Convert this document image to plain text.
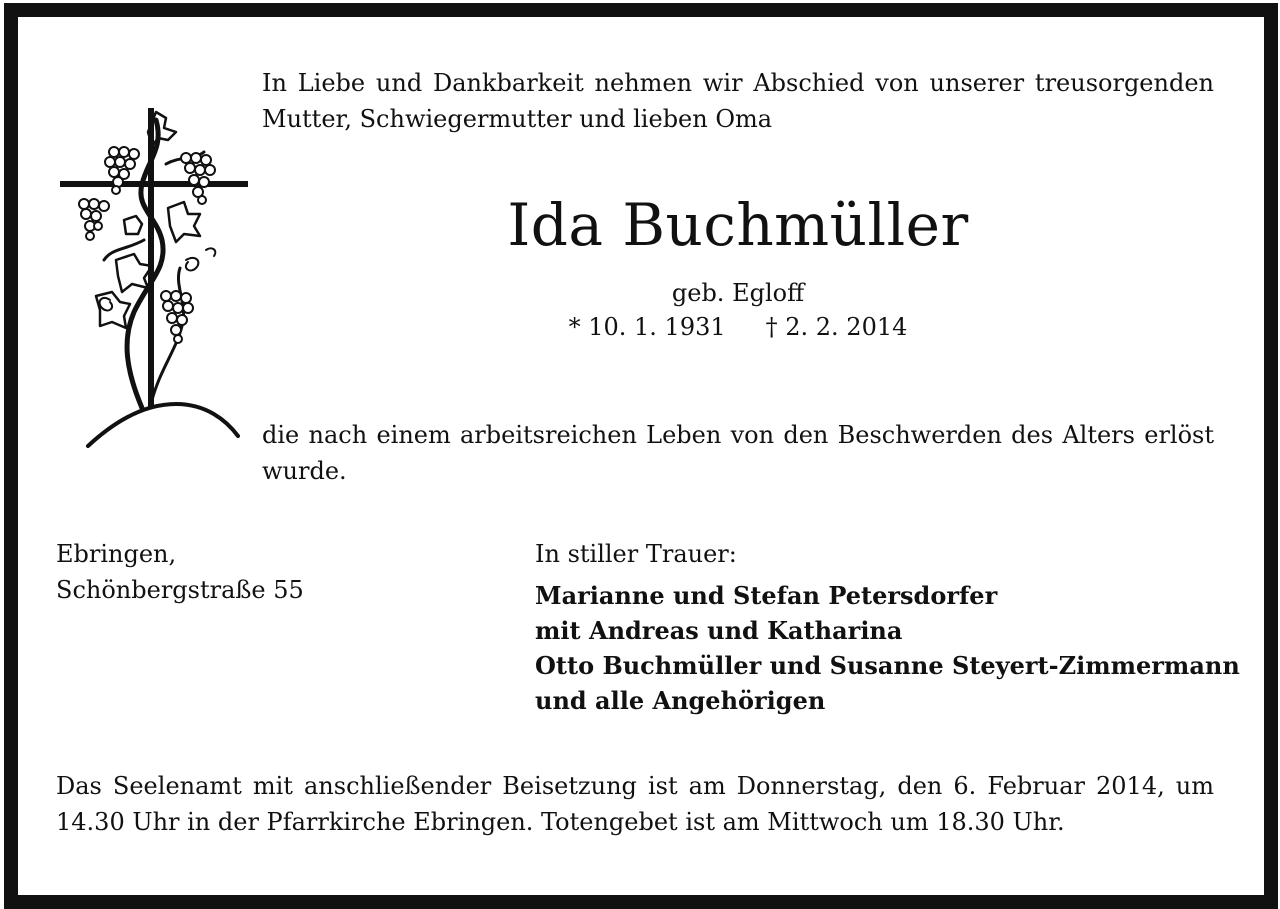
In Liebe und Dankbarkeit nehmen wir Abschied von unserer treusorgenden Mutter, Schwiegermutter und lieben Oma
Ida Buchmüller
geb. Egloff
* 10. 1. 1931 † 2. 2. 2014
die nach einem arbeitsreichen Leben von den Beschwerden des Alters erlöst wurde.
Ebringen,
Schönbergstraße 55
In stiller Trauer:
Marianne und Stefan Petersdorfer
mit Andreas und Katharina
Otto Buchmüller und Susanne Steyert-Zimmermann
und alle Angehörigen
Das Seelenamt mit anschließender Beisetzung ist am Donnerstag, den 6. Februar 2014, um 14.30 Uhr in der Pfarrkirche Ebringen. Totengebet ist am Mittwoch um 18.30 Uhr.
